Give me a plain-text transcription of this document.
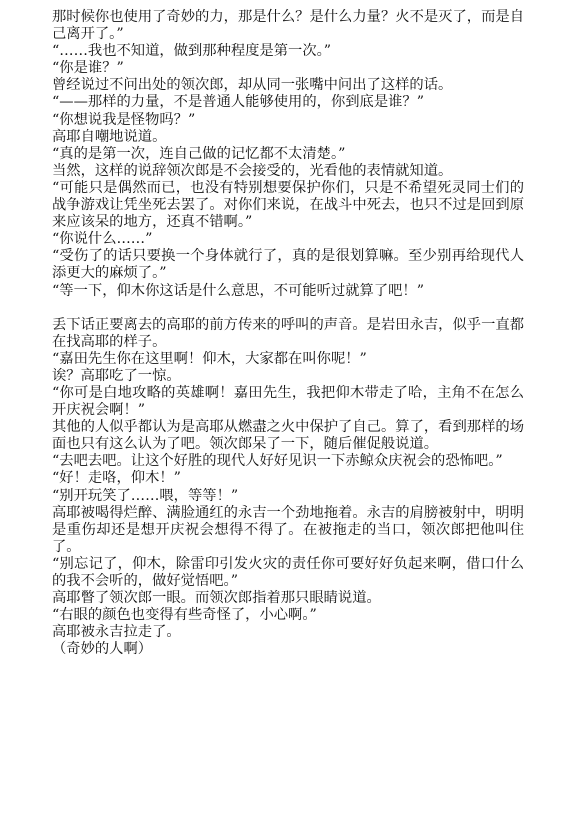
那时候你也使用了奇妙的力，那是什么？是什么力量？火不是灭了，而是自己离开了。”

“……我也不知道，做到那种程度是第一次。”

“你是谁？”

曾经说过不问出处的领次郎，却从同一张嘴中问出了这样的话。

“——那样的力量，不是普通人能够使用的，你到底是谁？”

“你想说我是怪物吗？”

高耶自嘲地说道。

“真的是第一次，连自己做的记忆都不太清楚。”

当然，这样的说辞领次郎是不会接受的，光看他的表情就知道。

“可能只是偶然而已，也没有特别想要保护你们，只是不希望死灵同士们的战争游戏让凭坐死去罢了。对你们来说，在战斗中死去，也只不过是回到原来应该呆的地方，还真不错啊。”

“你说什么……”

“受伤了的话只要换一个身体就行了，真的是很划算嘛。至少别再给现代人添更大的麻烦了。”

“等一下，仰木你这话是什么意思，不可能听过就算了吧！”

丢下话正要离去的高耶的前方传来的呼叫的声音。是岩田永吉，似乎一直都在找高耶的样子。

“嘉田先生你在这里啊！仰木，大家都在叫你呢！”

诶？高耶吃了一惊。

“你可是白地攻略的英雄啊！嘉田先生，我把仰木带走了哈，主角不在怎么开庆祝会啊！”

其他的人似乎都认为是高耶从燃盡之火中保护了自己。算了，看到那样的场面也只有这么认为了吧。领次郎呆了一下，随后催促般说道。

“去吧去吧。让这个好胜的现代人好好见识一下赤鲸众庆祝会的恐怖吧。”

“好！走咯，仰木！”

“别开玩笑了……喂，等等！”

高耶被喝得烂醉、满脸通红的永吉一个劲地拖着。永吉的肩膀被射中，明明是重伤却还是想开庆祝会想得不得了。在被拖走的当口，领次郎把他叫住了。

“别忘记了，仰木，除雷印引发火灾的责任你可要好好负起来啊，借口什么的我不会听的，做好觉悟吧。”

高耶瞥了领次郎一眼。而领次郎指着那只眼睛说道。

“右眼的颜色也变得有些奇怪了，小心啊。”

高耶被永吉拉走了。

（奇妙的人啊）
